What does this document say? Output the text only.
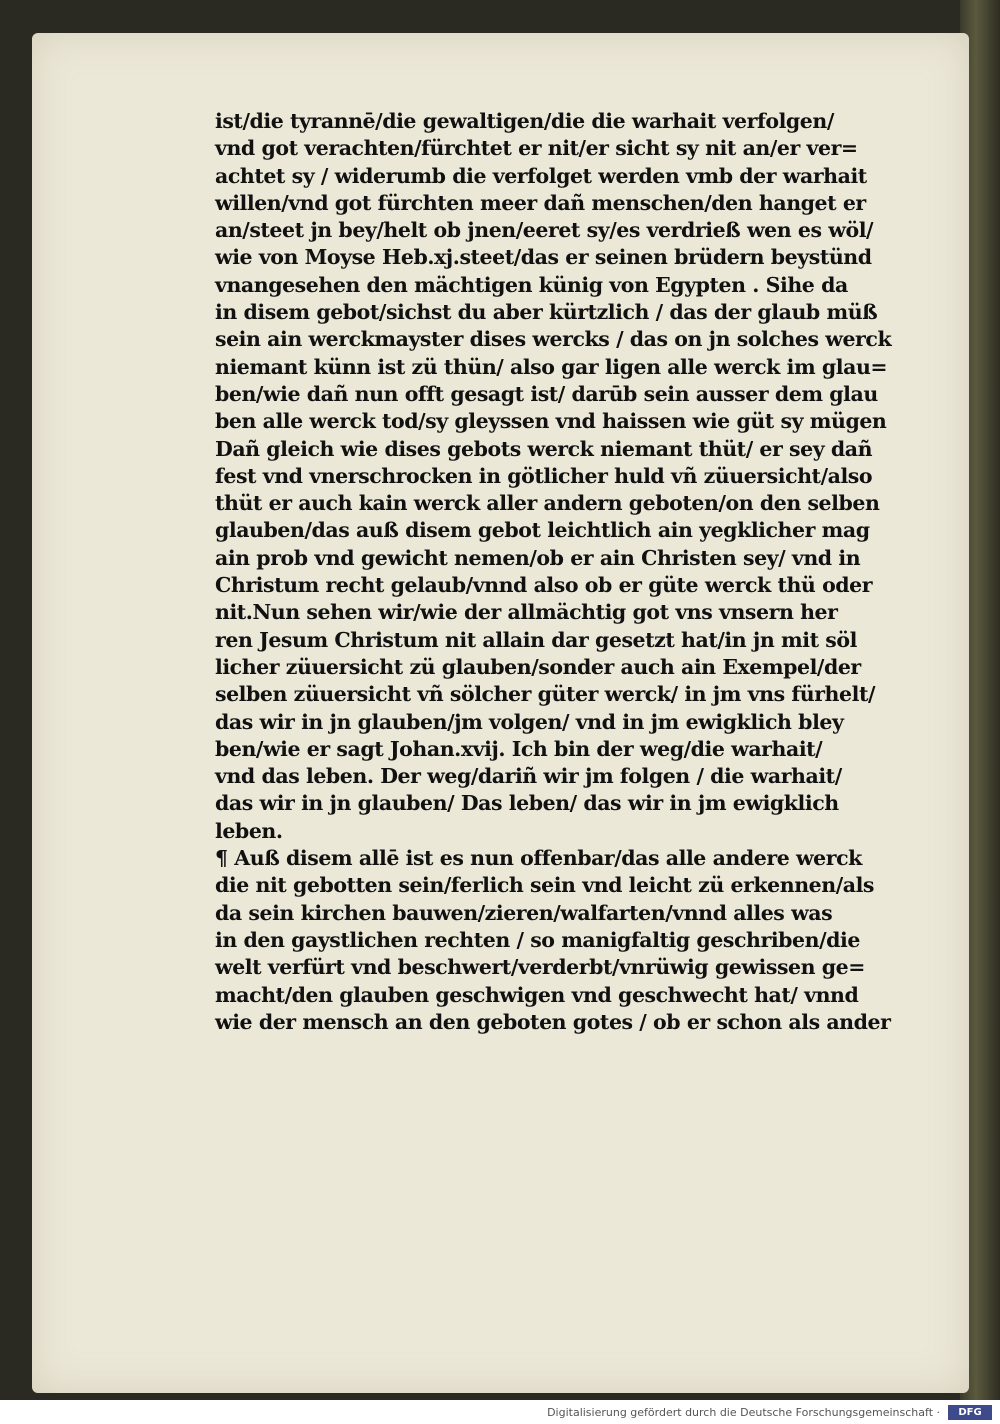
ist/die tyrannē/die gewaltigen/die die warhait verfolgen/
vnd got verachten/fürchtet er nit/er sicht sy nit an/er ver=
achtet sy / widerumb die verfolget werden vmb der warhait
willen/vnd got fürchten meer dañ menschen/den hanget er
an/steet jn bey/helt ob jnen/eeret sy/es verdrieß wen es wöl/
wie von Moyse Heb.xj.steet/das er seinen brüdern beystünd
vnangesehen den mächtigen künig von Egypten . Sihe da
in disem gebot/sichst du aber kürtzlich / das der glaub müß
sein ain werckmayster dises wercks / das on jn solches werck
niemant künn ist zü thün/ also gar ligen alle werck im glau=
ben/wie dañ nun offt gesagt ist/ darūb sein ausser dem glau
ben alle werck tod/sy gleyssen vnd haissen wie güt sy mügen
Dañ gleich wie dises gebots werck niemant thüt/ er sey dañ
fest vnd vnerschrocken in götlicher huld vñ züuersicht/also
thüt er auch kain werck aller andern geboten/on den selben
glauben/das auß disem gebot leichtlich ain yegklicher mag
ain prob vnd gewicht nemen/ob er ain Christen sey/ vnd in
Christum recht gelaub/vnnd also ob er güte werck thü oder
nit.Nun sehen wir/wie der allmächtig got vns vnsern her
ren Jesum Christum nit allain dar gesetzt hat/in jn mit söl
licher züuersicht zü glauben/sonder auch ain Exempel/der
selben züuersicht vñ sölcher güter werck/ in jm vns fürhelt/
das wir in jn glauben/jm volgen/ vnd in jm ewigklich bley
ben/wie er sagt Johan.xvij. Ich bin der weg/die warhait/
vnd das leben. Der weg/dariñ wir jm folgen / die warhait/
das wir in jn glauben/ Das leben/ das wir in jm ewigklich
leben.
¶ Auß disem allē ist es nun offenbar/das alle andere werck
die nit gebotten sein/ferlich sein vnd leicht zü erkennen/als
da sein kirchen bauwen/zieren/walfarten/vnnd alles was
in den gaystlichen rechten / so manigfaltig geschriben/die
welt verfürt vnd beschwert/verderbt/vnrüwig gewissen ge=
macht/den glauben geschwigen vnd geschwecht hat/ vnnd
wie der mensch an den geboten gotes / ob er schon als ander
Digitalisierung gefördert durch die Deutsche Forschungsgemeinschaft ·	DFG
